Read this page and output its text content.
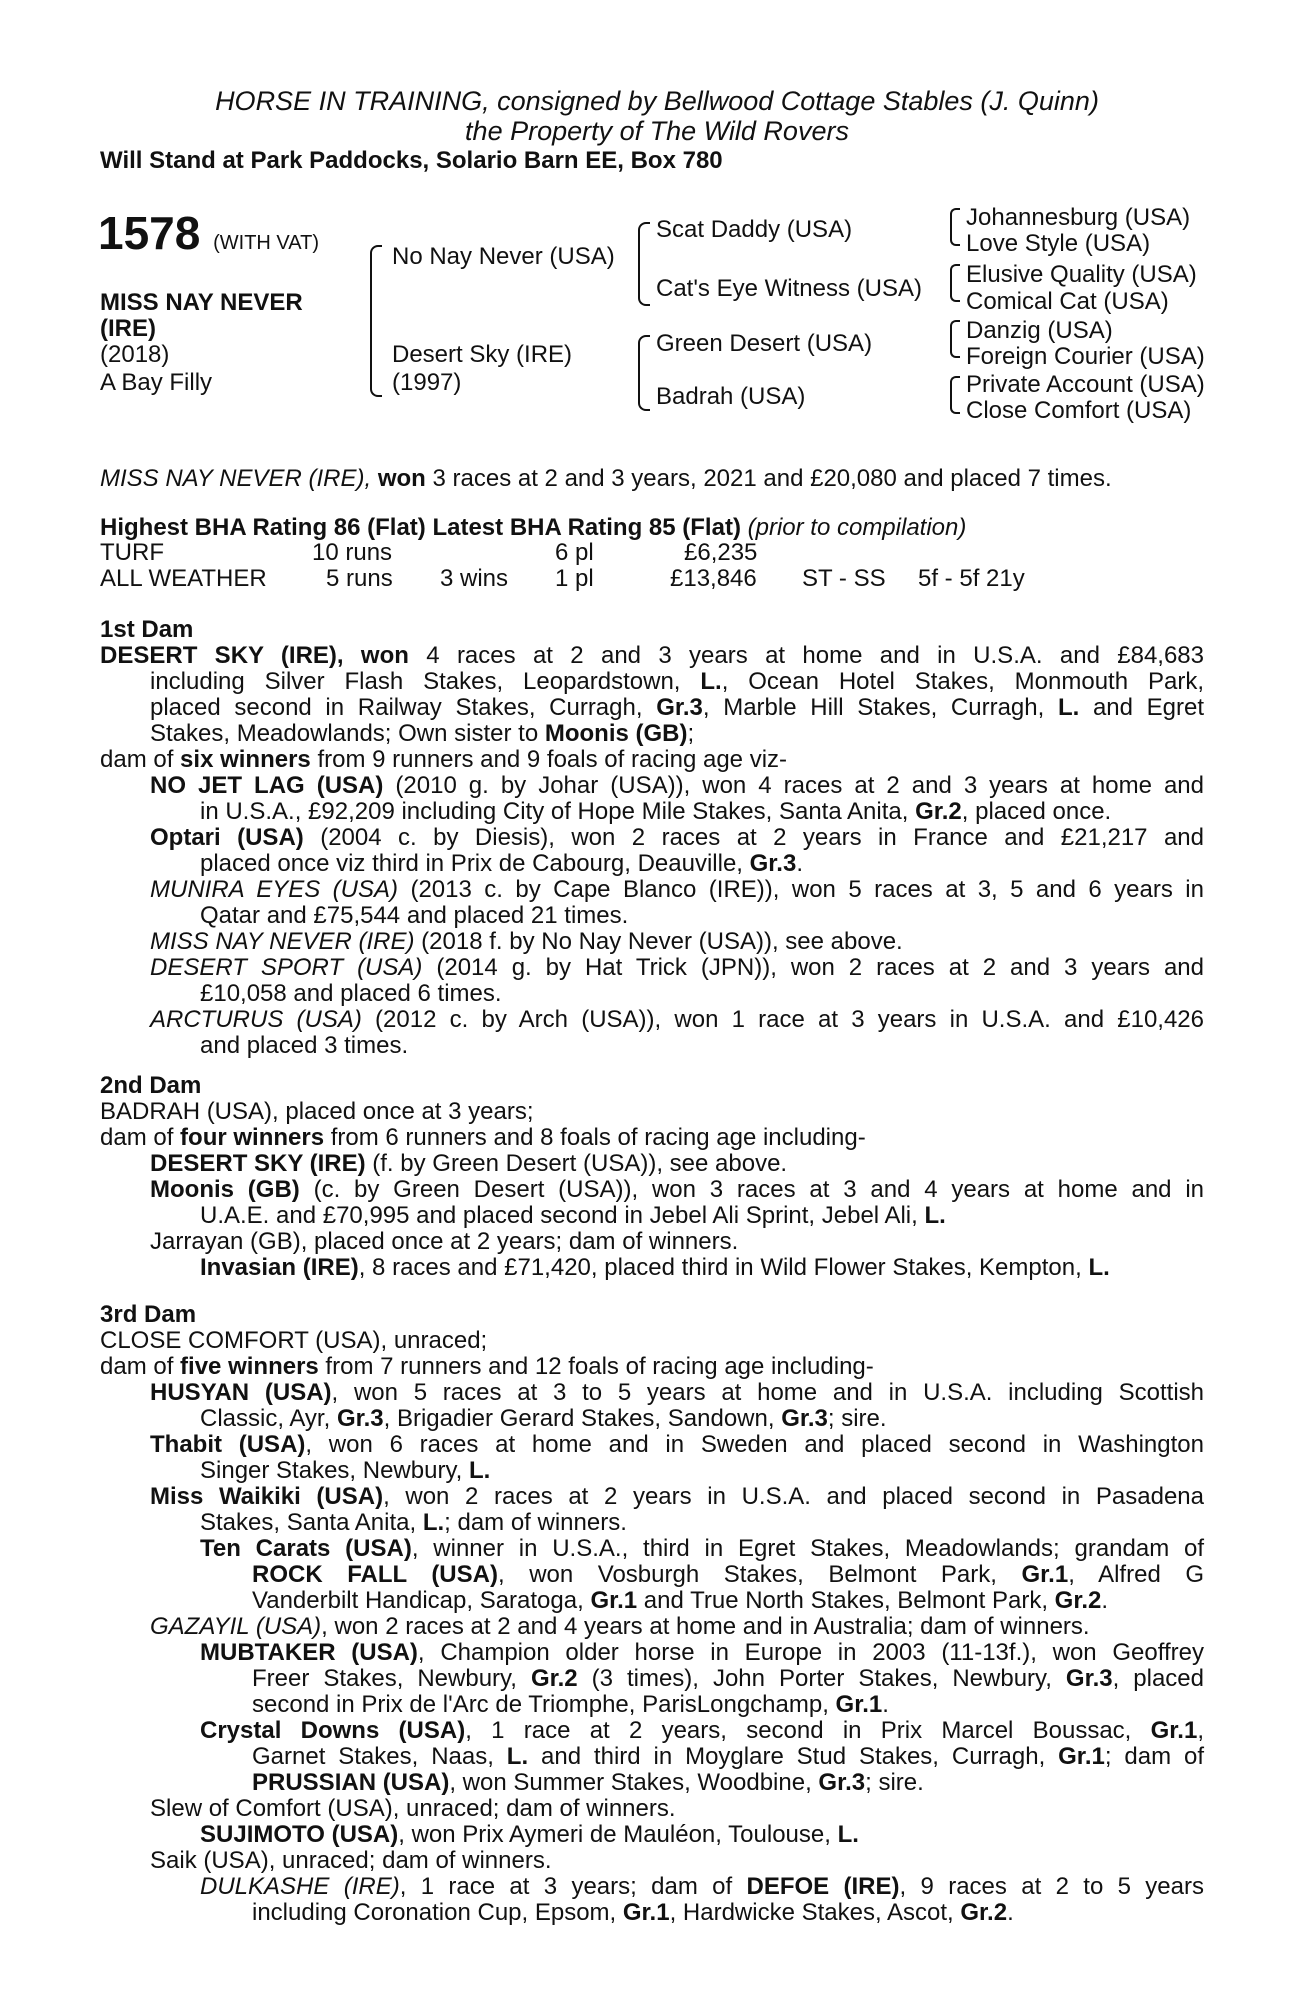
HORSE IN TRAINING, consigned by Bellwood Cottage Stables (J. Quinn)
the Property of The Wild Rovers
Will Stand at Park Paddocks, Solario Barn EE, Box 780
1578 (WITH VAT)
MISS NAY NEVER
(IRE)
(2018)
A Bay Filly
No Nay Never (USA)
Desert Sky (IRE)
(1997)
Scat Daddy (USA)
Cat's Eye Witness (USA)
Green Desert (USA)
Badrah (USA)
Johannesburg (USA)
Love Style (USA)
Elusive Quality (USA)
Comical Cat (USA)
Danzig (USA)
Foreign Courier (USA)
Private Account (USA)
Close Comfort (USA)
MISS NAY NEVER (IRE), won 3 races at 2 and 3 years, 2021 and £20,080 and placed 7 times.
Highest BHA Rating 86 (Flat) Latest BHA Rating 85 (Flat) (prior to compilation)
TURF	10 runs	6 pl	£6,235
ALL WEATHER 5 runs 3 wins 1 pl	£13,846 ST - SS 5f - 5f 21y
1st Dam
DESERT SKY (IRE), won 4 races at 2 and 3 years at home and in U.S.A. and £84,683
including Silver Flash Stakes, Leopardstown, L., Ocean Hotel Stakes, Monmouth Park,
placed second in Railway Stakes, Curragh, Gr.3, Marble Hill Stakes, Curragh, L. and Egret
Stakes, Meadowlands; Own sister to Moonis (GB);
dam of six winners from 9 runners and 9 foals of racing age viz-
NO JET LAG (USA) (2010 g. by Johar (USA)), won 4 races at 2 and 3 years at home and
in U.S.A., £92,209 including City of Hope Mile Stakes, Santa Anita, Gr.2, placed once.
Optari (USA) (2004 c. by Diesis), won 2 races at 2 years in France and £21,217 and
placed once viz third in Prix de Cabourg, Deauville, Gr.3.
MUNIRA EYES (USA) (2013 c. by Cape Blanco (IRE)), won 5 races at 3, 5 and 6 years in
Qatar and £75,544 and placed 21 times.
MISS NAY NEVER (IRE) (2018 f. by No Nay Never (USA)), see above.
DESERT SPORT (USA) (2014 g. by Hat Trick (JPN)), won 2 races at 2 and 3 years and
£10,058 and placed 6 times.
ARCTURUS (USA) (2012 c. by Arch (USA)), won 1 race at 3 years in U.S.A. and £10,426
and placed 3 times.
2nd Dam
BADRAH (USA), placed once at 3 years;
dam of four winners from 6 runners and 8 foals of racing age including-
DESERT SKY (IRE) (f. by Green Desert (USA)), see above.
Moonis (GB) (c. by Green Desert (USA)), won 3 races at 3 and 4 years at home and in
U.A.E. and £70,995 and placed second in Jebel Ali Sprint, Jebel Ali, L.
Jarrayan (GB), placed once at 2 years; dam of winners.
Invasian (IRE), 8 races and £71,420, placed third in Wild Flower Stakes, Kempton, L.
3rd Dam
CLOSE COMFORT (USA), unraced;
dam of five winners from 7 runners and 12 foals of racing age including-
HUSYAN (USA), won 5 races at 3 to 5 years at home and in U.S.A. including Scottish
Classic, Ayr, Gr.3, Brigadier Gerard Stakes, Sandown, Gr.3; sire.
Thabit (USA), won 6 races at home and in Sweden and placed second in Washington
Singer Stakes, Newbury, L.
Miss Waikiki (USA), won 2 races at 2 years in U.S.A. and placed second in Pasadena
Stakes, Santa Anita, L.; dam of winners.
Ten Carats (USA), winner in U.S.A., third in Egret Stakes, Meadowlands; grandam of
ROCK FALL (USA), won Vosburgh Stakes, Belmont Park, Gr.1, Alfred G
Vanderbilt Handicap, Saratoga, Gr.1 and True North Stakes, Belmont Park, Gr.2.
GAZAYIL (USA), won 2 races at 2 and 4 years at home and in Australia; dam of winners.
MUBTAKER (USA), Champion older horse in Europe in 2003 (11-13f.), won Geoffrey
Freer Stakes, Newbury, Gr.2 (3 times), John Porter Stakes, Newbury, Gr.3, placed
second in Prix de l'Arc de Triomphe, ParisLongchamp, Gr.1.
Crystal Downs (USA), 1 race at 2 years, second in Prix Marcel Boussac, Gr.1,
Garnet Stakes, Naas, L. and third in Moyglare Stud Stakes, Curragh, Gr.1; dam of
PRUSSIAN (USA), won Summer Stakes, Woodbine, Gr.3; sire.
Slew of Comfort (USA), unraced; dam of winners.
SUJIMOTO (USA), won Prix Aymeri de Mauléon, Toulouse, L.
Saik (USA), unraced; dam of winners.
DULKASHE (IRE), 1 race at 3 years; dam of DEFOE (IRE), 9 races at 2 to 5 years
including Coronation Cup, Epsom, Gr.1, Hardwicke Stakes, Ascot, Gr.2.
